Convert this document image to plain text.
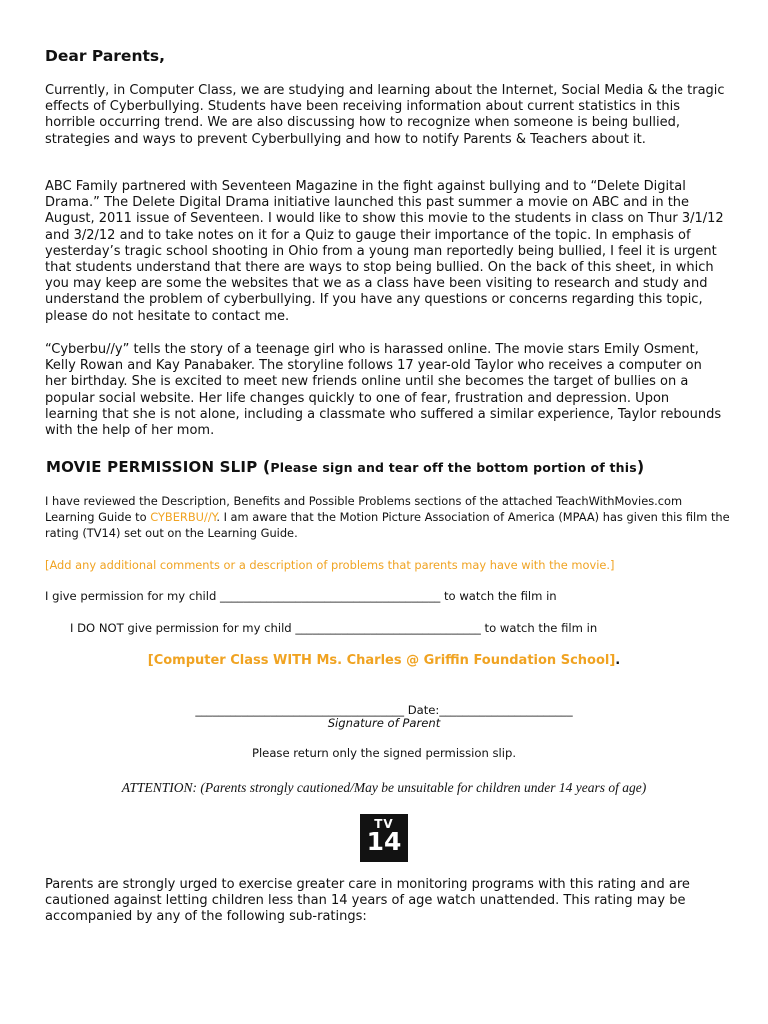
Dear Parents,
Currently, in Computer Class, we are studying and learning about the Internet, Social Media & the tragic effects of Cyberbullying. Students have been receiving information about current statistics in this horrible occurring trend. We are also discussing how to recognize when someone is being bullied, strategies and ways to prevent Cyberbullying and how to notify Parents & Teachers about it.
ABC Family partnered with Seventeen Magazine in the fight against bullying and to “Delete Digital Drama.” The Delete Digital Drama initiative launched this past summer a movie on ABC and in the August, 2011 issue of Seventeen. I would like to show this movie to the students in class on Thur 3/1/12 and 3/2/12 and to take notes on it for a Quiz to gauge their importance of the topic. In emphasis of yesterday’s tragic school shooting in Ohio from a young man reportedly being bullied, I feel it is urgent that students understand that there are ways to stop being bullied. On the back of this sheet, in which you may keep are some the websites that we as a class have been visiting to research and study and understand the problem of cyberbullying. If you have any questions or concerns regarding this topic, please do not hesitate to contact me.
“Cyberbu//y” tells the story of a teenage girl who is harassed online. The movie stars Emily Osment, Kelly Rowan and Kay Panabaker. The storyline follows 17 year-old Taylor who receives a computer on her birthday. She is excited to meet new friends online until she becomes the target of bullies on a popular social website. Her life changes quickly to one of fear, frustration and depression. Upon learning that she is not alone, including a classmate who suffered a similar experience, Taylor rebounds with the help of her mom.
MOVIE PERMISSION SLIP (Please sign and tear off the bottom portion of this)
I have reviewed the Description, Benefits and Possible Problems sections of the attached TeachWithMovies.com Learning Guide to CYBERBU//Y. I am aware that the Motion Picture Association of America (MPAA) has given this film the rating (TV14) set out on the Learning Guide.
[Add any additional comments or a description of problems that parents may have with the movie.]
I give permission for my child ______________________________________ to watch the film in
I DO NOT give permission for my child ________________________________ to watch the film in
[Computer Class WITH Ms. Charles @ Griffin Foundation School].
____________________________________ Date:_______________________
Signature of Parent
Please return only the signed permission slip.
ATTENTION: (Parents strongly cautioned/May be unsuitable for children under 14 years of age)
TV
14
Parents are strongly urged to exercise greater care in monitoring programs with this rating and are cautioned against letting children less than 14 years of age watch unattended. This rating may be accompanied by any of the following sub-ratings:
